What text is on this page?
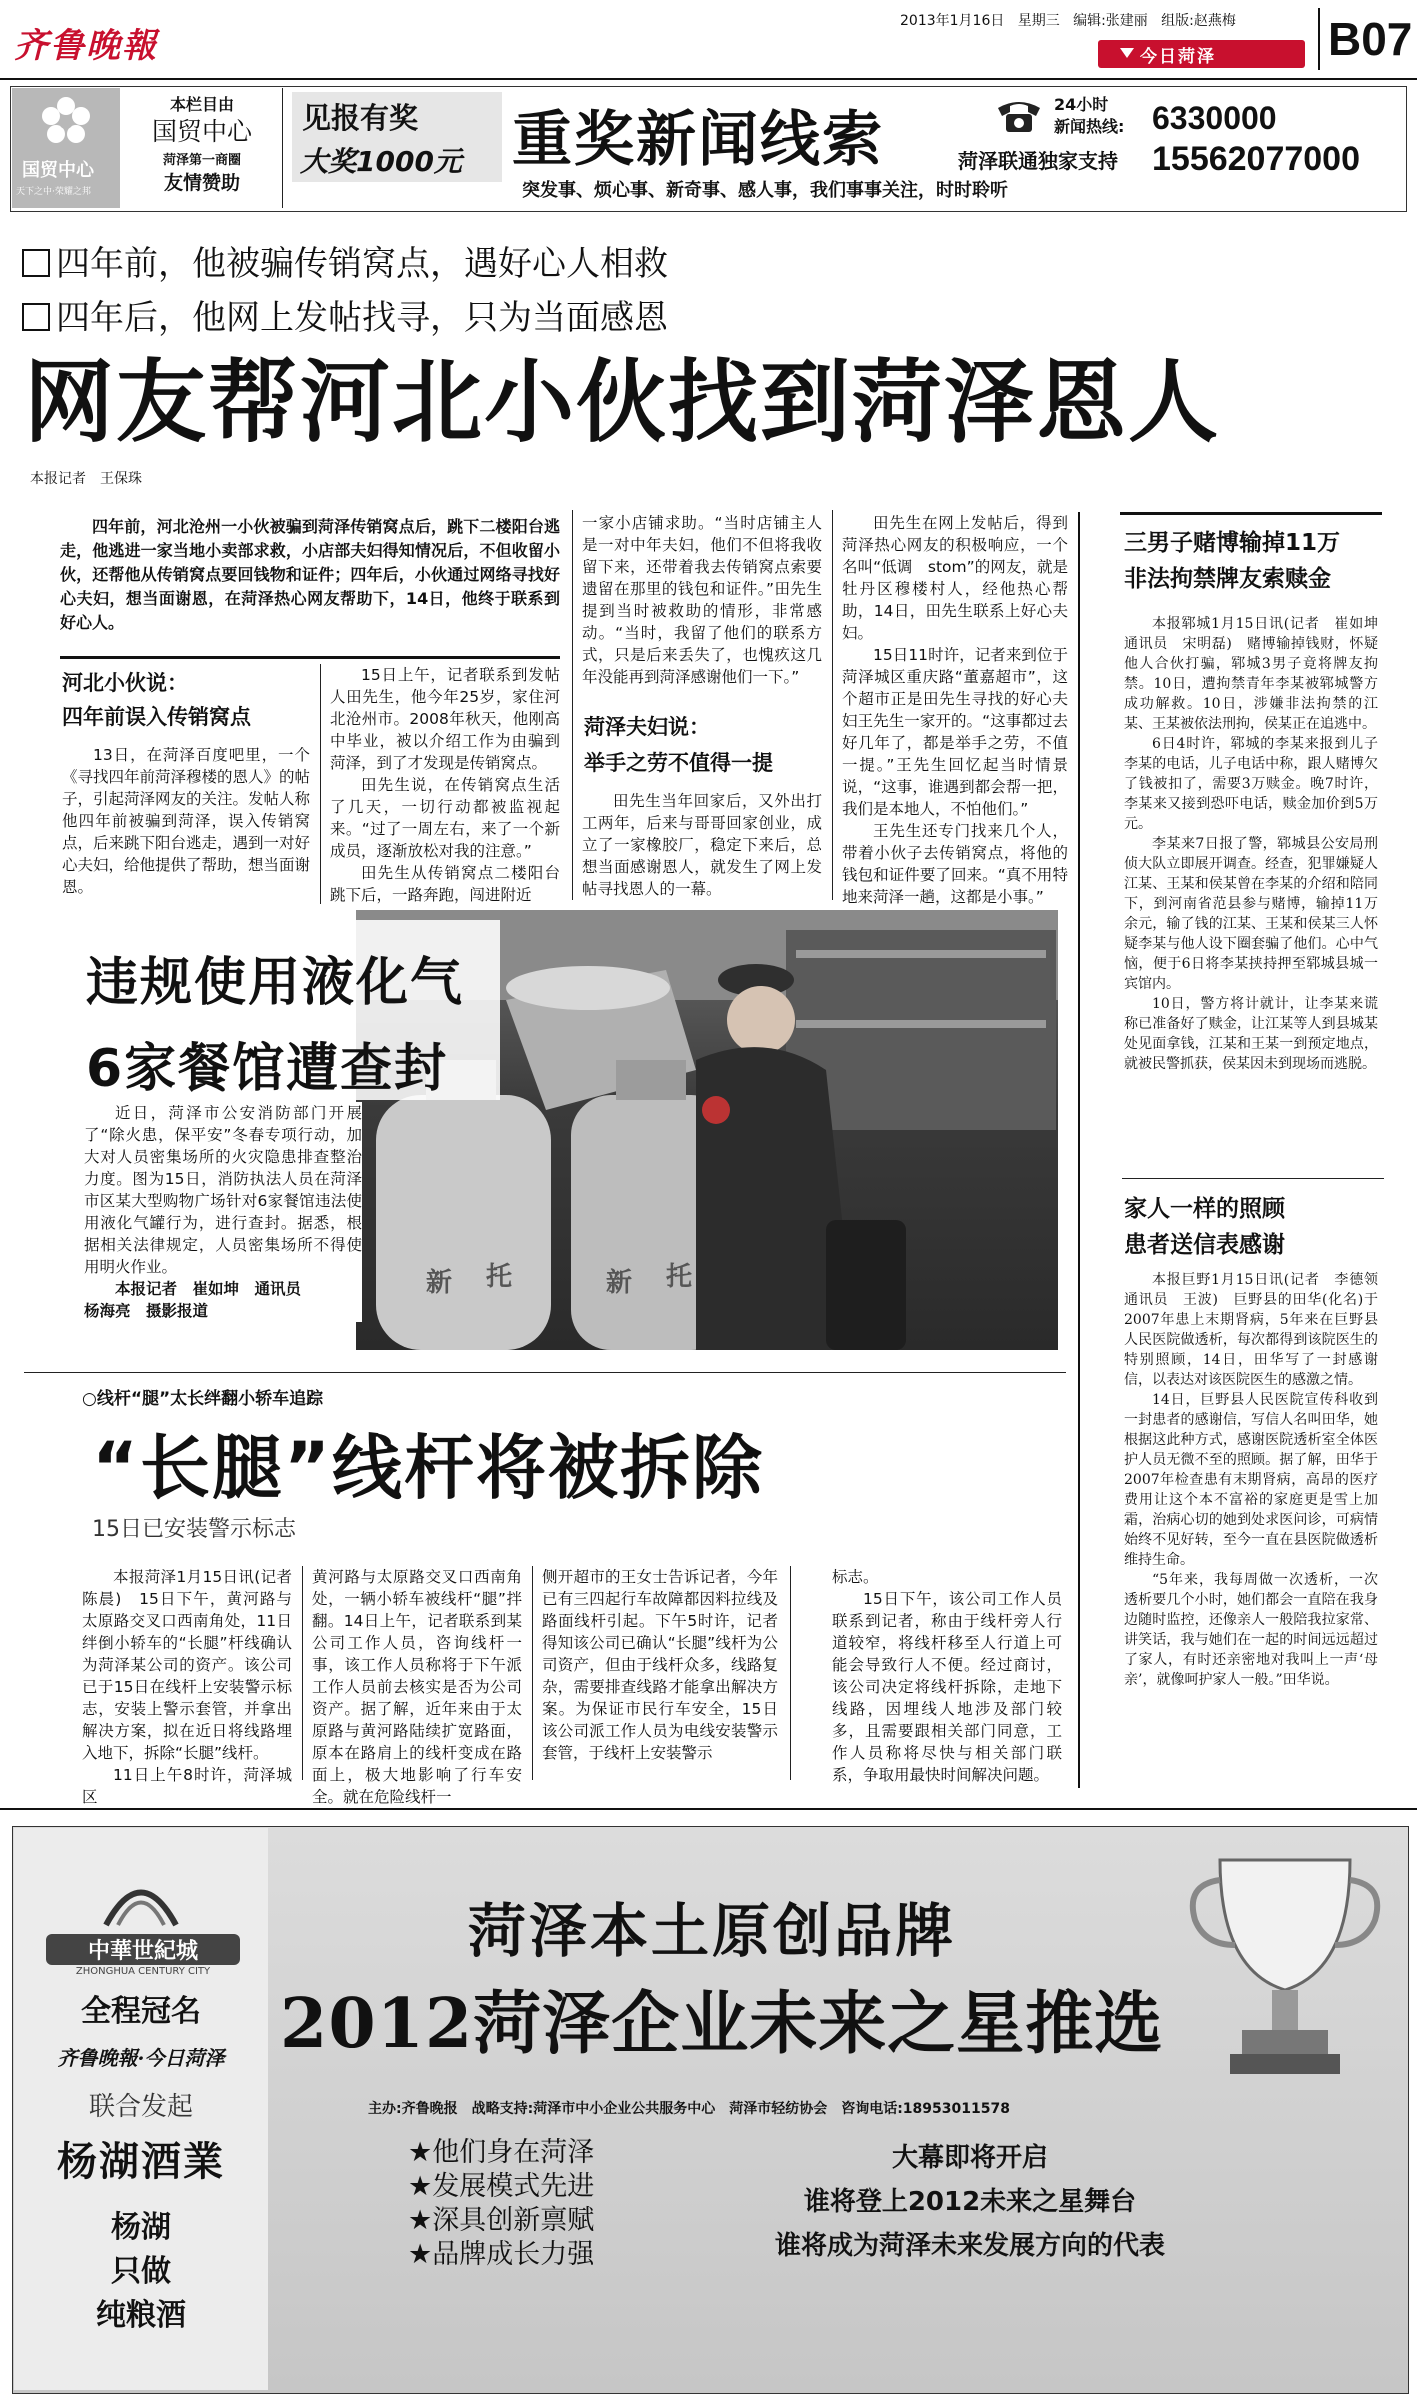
齐鲁晚報
2013年1月16日 星期三 编辑:张建丽 组版:赵燕梅
今日菏泽 B07
国贸中心
天下之中·荣耀之邦
本栏目由
国贸中心
菏泽第一商圈
友情赞助
见报有奖
大奖1000元 重奖新闻线索
突发事、烦心事、新奇事、感人事，我们事事关注，时时聆听
24小时
新闻热线: 6330000
菏泽联通独家支持 15562077000
四年前，他被骗传销窝点，遇好心人相救
四年后，他网上发帖找寻，只为当面感恩
网友帮河北小伙找到菏泽恩人
本报记者　王保珠

四年前，河北沧州一小伙被骗到菏泽传销窝点后，跳下二楼阳台逃走，他逃进一家当地小卖部求救，小店部夫妇得知情况后，不但收留小伙，还帮他从传销窝点要回钱物和证件；四年后，小伙通过网络寻找好心夫妇，想当面谢恩，在菏泽热心网友帮助下，14日，他终于联系到好心人。

河北小伙说：
四年前误入传销窝点

13日，在菏泽百度吧里，一个《寻找四年前菏泽穆楼的恩人》的帖子，引起菏泽网友的关注。发帖人称他四年前被骗到菏泽，误入传销窝点，后来跳下阳台逃走，遇到一对好心夫妇，给他提供了帮助，想当面谢恩。

15日上午，记者联系到发帖人田先生，他今年25岁，家住河北沧州市。2008年秋天，他刚高中毕业，被以介绍工作为由骗到菏泽，到了才发现是传销窝点。

田先生说，在传销窝点生活了几天，一切行动都被监视起来。“过了一周左右，来了一个新成员，逐渐放松对我的注意。”

田先生从传销窝点二楼阳台跳下后，一路奔跑，闯进附近

一家小店铺求助。“当时店铺主人是一对中年夫妇，他们不但将我收留下来，还带着我去传销窝点索要遗留在那里的钱包和证件。”田先生提到当时被救助的情形，非常感动。“当时，我留了他们的联系方式，只是后来丢失了，也愧疚这几年没能再到菏泽感谢他们一下。”

菏泽夫妇说：
举手之劳不值得一提

田先生当年回家后，又外出打工两年，后来与哥哥回家创业，成立了一家橡胶厂，稳定下来后，总想当面感谢恩人，就发生了网上发帖寻找恩人的一幕。

田先生在网上发帖后，得到菏泽热心网友的积极响应，一个名叫“低调　stom”的网友，就是牡丹区穆楼村人，经他热心帮助，14日，田先生联系上好心夫妇。

15日11时许，记者来到位于菏泽城区重庆路“董嘉超市”，这个超市正是田先生寻找的好心夫妇王先生一家开的。“这事都过去好几年了，都是举手之劳，不值一提。”王先生回忆起当时情景说，“这事，谁遇到都会帮一把，我们是本地人，不怕他们。”

王先生还专门找来几个人，带着小伙子去传销窝点，将他的钱包和证件要了回来。“真不用特地来菏泽一趟，这都是小事。”

新 托	新 托
违规使用液化气
6家餐馆遭查封

近日，菏泽市公安消防部门开展了“除火患，保平安”冬春专项行动，加大对人员密集场所的火灾隐患排查整治力度。图为15日，消防执法人员在菏泽市区某大型购物广场针对6家餐馆违法使用液化气罐行为，进行查封。据悉，根据相关法律规定，人员密集场所不得使用明火作业。

本报记者　崔如坤　通讯员

杨海亮　摄影报道

○线杆“腿”太长绊翻小轿车追踪
“长腿”线杆将被拆除
15日已安装警示标志

本报菏泽1月15日讯(记者　陈晨)　15日下午，黄河路与太原路交叉口西南角处，11日绊倒小轿车的“长腿”杆线确认为菏泽某公司的资产。该公司已于15日在线杆上安装警示标志，安装上警示套管，并拿出解决方案，拟在近日将线路埋入地下，拆除“长腿”线杆。

11日上午8时许，菏泽城区

黄河路与太原路交叉口西南角处，一辆小轿车被线杆“腿”拌翻。14日上午，记者联系到某公司工作人员，咨询线杆一事，该工作人员称将于下午派工作人员前去核实是否为公司资产。据了解，近年来由于太原路与黄河路陆续扩宽路面，原本在路肩上的线杆变成在路面上，极大地影响了行车安全。就在危险线杆一

侧开超市的王女士告诉记者，今年已有三四起行车故障都因料拉线及路面线杆引起。下午5时许，记者得知该公司已确认“长腿”线杆为公司资产，但由于线杆众多，线路复杂，需要排查线路才能拿出解决方案。为保证市民行车安全，15日该公司派工作人员为电线安装警示套管，于线杆上安装警示

标志。

15日下午，该公司工作人员联系到记者，称由于线杆旁人行道较窄，将线杆移至人行道上可能会导致行人不便。经过商讨，该公司决定将线杆拆除，走地下线路，因埋线人地涉及部门较多，且需要跟相关部门同意，工作人员称将尽快与相关部门联系，争取用最快时间解决问题。

三男子赌博输掉11万
非法拘禁牌友索赎金

本报郓城1月15日讯(记者　崔如坤　通讯员　宋明磊)　赌博输掉钱财，怀疑他人合伙打骗，郓城3男子竟将牌友拘禁。10日，遭拘禁青年李某被郓城警方成功解救。10日，涉嫌非法拘禁的江某、王某被依法刑拘，侯某正在追逃中。

6日4时许，郓城的李某来报到儿子李某的电话，儿子电话中称，跟人赌博欠了钱被扣了，需要3万赎金。晚7时许，李某来又接到恐吓电话，赎金加价到5万元。

李某来7日报了警，郓城县公安局刑侦大队立即展开调查。经查，犯罪嫌疑人江某、王某和侯某曾在李某的介绍和陪同下，到河南省范县参与赌博，输掉11万余元，输了钱的江某、王某和侯某三人怀疑李某与他人设下圈套骗了他们。心中气恼，便于6日将李某挟持押至郓城县城一宾馆内。

10日，警方将计就计，让李某来谎称已准备好了赎金，让江某等人到县城某处见面拿钱，江某和王某一到预定地点，就被民警抓获，侯某因未到现场而逃脱。

家人一样的照顾
患者送信表感谢

本报巨野1月15日讯(记者　李德领　通讯员　王波)　巨野县的田华(化名)于2007年患上末期肾病，5年来在巨野县人民医院做透析，每次都得到该院医生的特别照顾，14日，田华写了一封感谢信，以表达对该医院医生的感激之情。

14日，巨野县人民医院宣传科收到一封患者的感谢信，写信人名叫田华，她根据这此种方式，感谢医院透析室全体医护人员无微不至的照顾。据了解，田华于2007年检查患有末期肾病，高昂的医疗费用让这个本不富裕的家庭更是雪上加霜，治病心切的她到处求医问诊，可病情始终不见好转，至今一直在县医院做透析维持生命。

“5年来，我每周做一次透析，一次透析要几个小时，她们都会一直陪在我身边随时监控，还像亲人一般陪我拉家常、讲笑话，我与她们在一起的时间远远超过了家人，有时还亲密地对我叫上一声‘母亲’，就像呵护家人一般。”田华说。

中華世紀城
ZHONGHUA CENTURY CITY
全程冠名
齐鲁晚報·今日菏泽
联合发起
杨湖酒業
杨湖
只做
纯粮酒
菏泽本土原创品牌
2012菏泽企业未来之星推选
主办:齐鲁晚报　战略支持:菏泽市中小企业公共服务中心　菏泽市轻纺协会　咨询电话:18953011578
★他们身在菏泽
★发展模式先进
★深具创新禀赋
★品牌成长力强
大幕即将开启
谁将登上2012未来之星舞台
谁将成为菏泽未来发展方向的代表
